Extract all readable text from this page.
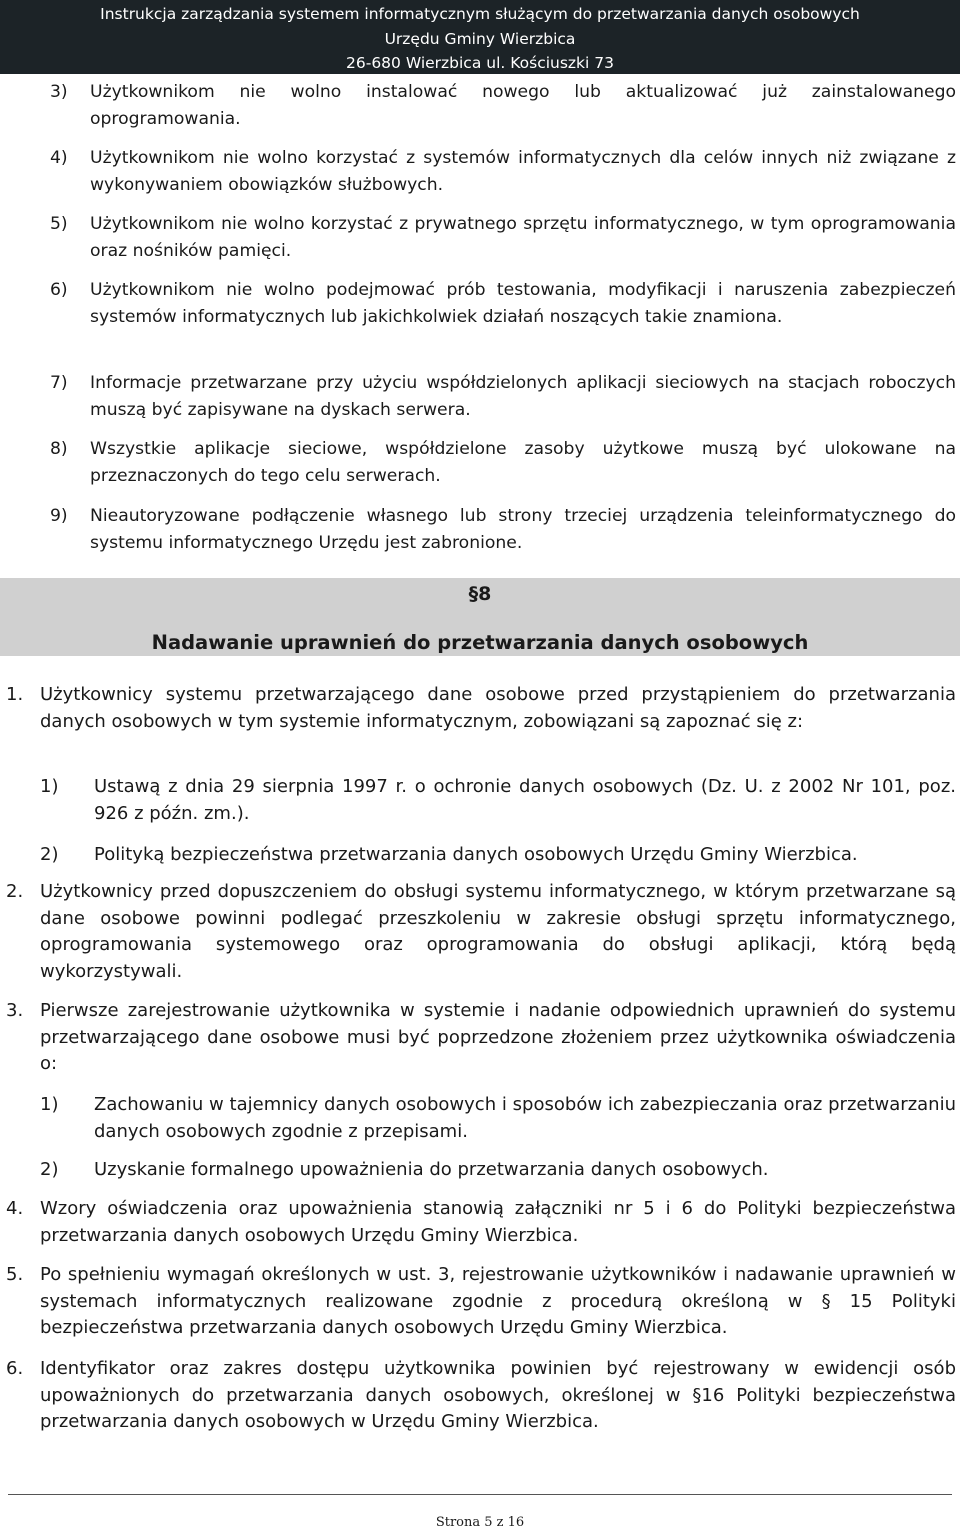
Instrukcja zarządzania systemem informatycznym służącym do przetwarzania danych osobowych
Urzędu Gminy Wierzbica
26-680 Wierzbica ul. Kościuszki 73
3) Użytkownikom nie wolno instalować nowego lub aktualizować już zainstalowanego oprogramowania.
4) Użytkownikom nie wolno korzystać z systemów informatycznych dla celów innych niż związane z wykonywaniem obowiązków służbowych.
5) Użytkownikom nie wolno korzystać z prywatnego sprzętu informatycznego, w tym oprogramowania oraz nośników pamięci.
6) Użytkownikom nie wolno podejmować prób testowania, modyfikacji i naruszenia zabezpieczeń systemów informatycznych lub jakichkolwiek działań noszących takie znamiona.
7) Informacje przetwarzane przy użyciu współdzielonych aplikacji sieciowych na stacjach roboczych muszą być zapisywane na dyskach serwera.
8) Wszystkie aplikacje sieciowe, współdzielone zasoby użytkowe muszą być ulokowane na przeznaczonych do tego celu serwerach.
9) Nieautoryzowane podłączenie własnego lub strony trzeciej urządzenia teleinformatycznego do systemu informatycznego Urzędu jest zabronione.
§8
Nadawanie uprawnień do przetwarzania danych osobowych
1. Użytkownicy systemu przetwarzającego dane osobowe przed przystąpieniem do przetwarzania danych osobowych w tym systemie informatycznym, zobowiązani są zapoznać się z:
1) Ustawą z dnia 29 sierpnia 1997 r. o ochronie danych osobowych (Dz. U. z 2002 Nr 101, poz. 926 z późn. zm.).
2) Polityką bezpieczeństwa przetwarzania danych osobowych Urzędu Gminy Wierzbica.
2. Użytkownicy przed dopuszczeniem do obsługi systemu informatycznego, w którym przetwarzane są dane osobowe powinni podlegać przeszkoleniu w zakresie obsługi sprzętu informatycznego, oprogramowania systemowego oraz oprogramowania do obsługi aplikacji, którą będą wykorzystywali.
3. Pierwsze zarejestrowanie użytkownika w systemie i nadanie odpowiednich uprawnień do systemu przetwarzającego dane osobowe musi być poprzedzone złożeniem przez użytkownika oświadczenia o:
1) Zachowaniu w tajemnicy danych osobowych i sposobów ich zabezpieczania oraz przetwarzaniu danych osobowych zgodnie z przepisami.
2) Uzyskanie formalnego upoważnienia do przetwarzania danych osobowych.
4. Wzory oświadczenia oraz upoważnienia stanowią załączniki nr 5 i 6 do Polityki bezpieczeństwa przetwarzania danych osobowych Urzędu Gminy Wierzbica.
5. Po spełnieniu wymagań określonych w ust. 3, rejestrowanie użytkowników i nadawanie uprawnień w systemach informatycznych realizowane zgodnie z procedurą określoną w § 15 Polityki bezpieczeństwa przetwarzania danych osobowych Urzędu Gminy Wierzbica.
6. Identyfikator oraz zakres dostępu użytkownika powinien być rejestrowany w ewidencji osób upoważnionych do przetwarzania danych osobowych, określonej w §16 Polityki bezpieczeństwa przetwarzania danych osobowych w Urzędu Gminy Wierzbica.
Strona 5 z 16
